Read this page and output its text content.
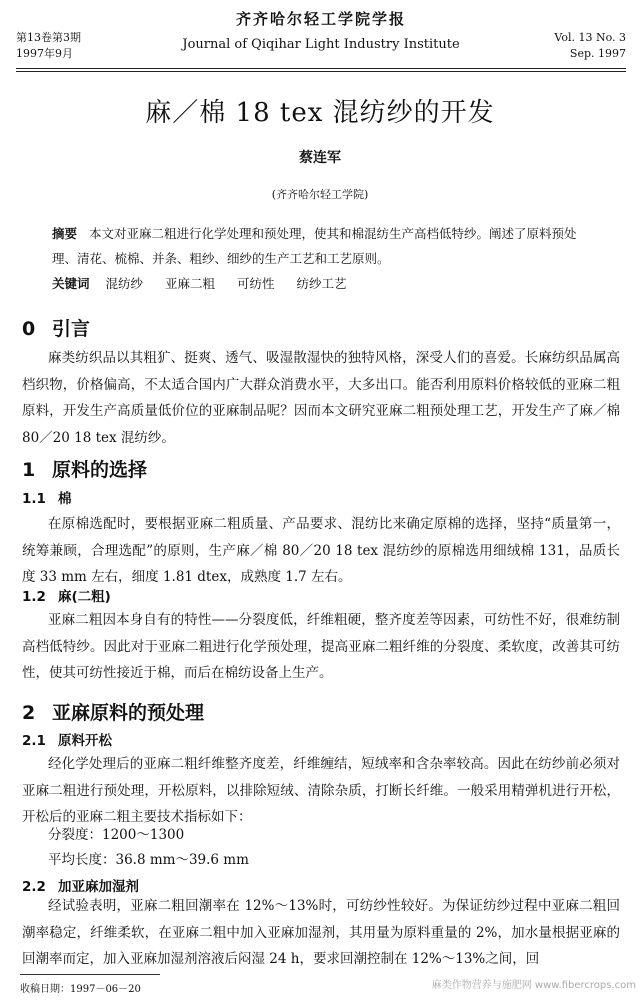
第13卷第3期
1997年9月
齐齐哈尔轻工学院学报
Journal of Qiqihar Light Industry Institute	Vol. 13 No. 3
Sep. 1997
麻／棉 18 tex 混纺纱的开发
蔡连军
(齐齐哈尔轻工学院)
摘要 本文对亚麻二粗进行化学处理和预处理，使其和棉混纺生产高档低特纱。阐述了原料预处理、清花、梳棉、并条、粗纱、细纱的生产工艺和工艺原则。
关键词 混纺纱 亚麻二粗 可纺性 纺纱工艺
0 引言
麻类纺织品以其粗犷、挺爽、透气、吸湿散湿快的独特风格，深受人们的喜爱。长麻纺织品属高档织物，价格偏高，不太适合国内广大群众消费水平，大多出口。能否利用原料价格较低的亚麻二粗原料，开发生产高质量低价位的亚麻制品呢？因而本文研究亚麻二粗预处理工艺，开发生产了麻／棉 80／20 18 tex 混纺纱。
1 原料的选择
1.1 棉
在原棉选配时，要根据亚麻二粗质量、产品要求、混纺比来确定原棉的选择，坚持“质量第一，统筹兼顾，合理选配”的原则，生产麻／棉 80／20 18 tex 混纺纱的原棉选用细绒棉 131，品质长度 33 mm 左右，细度 1.81 dtex，成熟度 1.7 左右。
1.2 麻(二粗)
亚麻二粗因本身自有的特性——分裂度低，纤维粗硬，整齐度差等因素，可纺性不好，很难纺制高档低特纱。因此对于亚麻二粗进行化学预处理，提高亚麻二粗纤维的分裂度、柔软度，改善其可纺性，使其可纺性接近于棉，而后在棉纺设备上生产。
2 亚麻原料的预处理
2.1 原料开松
经化学处理后的亚麻二粗纤维整齐度差，纤维缠结，短绒率和含杂率较高。因此在纺纱前必须对亚麻二粗进行预处理，开松原料，以排除短绒、清除杂质，打断长纤维。一般采用精弹机进行开松，开松后的亚麻二粗主要技术指标如下：
分裂度：1200～1300
平均长度：36.8 mm～39.6 mm
2.2 加亚麻加湿剂
经试验表明，亚麻二粗回潮率在 12%～13%时，可纺纱性较好。为保证纺纱过程中亚麻二粗回潮率稳定，纤维柔软，在亚麻二粗中加入亚麻加湿剂，其用量为原料重量的 2%，加水量根据亚麻的回潮率而定，加入亚麻加湿剂溶液后闷湿 24 h，要求回潮控制在 12%～13%之间，回
收稿日期：1997－06－20	麻类作物营养与施肥网 www.fibercrops.com
